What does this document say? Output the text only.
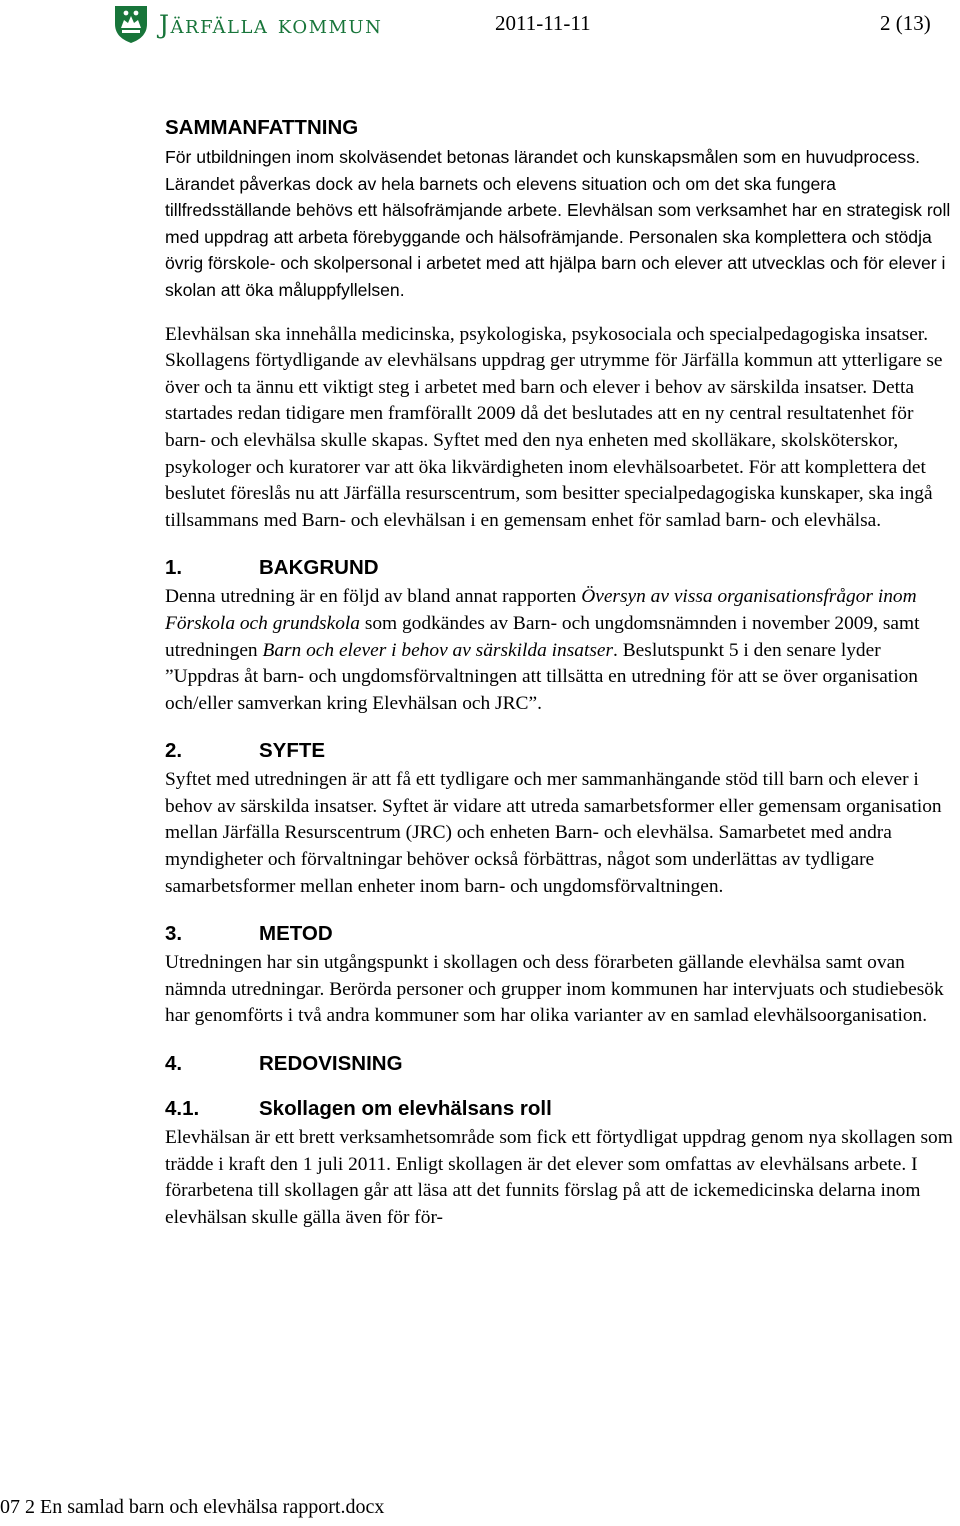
Järfälla kommun	2011-11-11	2 (13)
SAMMANFATTNING

För utbildningen inom skolväsendet betonas lärandet och kunskapsmålen som en huvudprocess. Lärandet påverkas dock av hela barnets och elevens situation och om det ska fungera tillfredsställande behövs ett hälsofrämjande arbete. Elevhälsan som verksamhet har en strategisk roll med uppdrag att arbeta förebyggande och hälsofrämjande. Personalen ska komplettera och stödja övrig förskole- och skolpersonal i arbetet med att hjälpa barn och elever att utvecklas och för elever i skolan att öka måluppfyllelsen.

Elevhälsan ska innehålla medicinska, psykologiska, psykosociala och specialpedagogiska insatser. Skollagens förtydligande av elevhälsans uppdrag ger utrymme för Järfälla kommun att ytterligare se över och ta ännu ett viktigt steg i arbetet med barn och elever i behov av särskilda insatser. Detta startades redan tidigare men framförallt 2009 då det beslutades att en ny central resultatenhet för barn- och elevhälsa skulle skapas. Syftet med den nya enheten med skolläkare, skolsköterskor, psykologer och kuratorer var att öka likvärdigheten inom elevhälsoarbetet. För att komplettera det beslutet föreslås nu att Järfälla resurscentrum, som besitter specialpedagogiska kunskaper, ska ingå tillsammans med Barn- och elevhälsan i en gemensam enhet för samlad barn- och elevhälsa.

1.	BAKGRUND

Denna utredning är en följd av bland annat rapporten Översyn av vissa organisationsfrågor inom Förskola och grundskola som godkändes av Barn- och ungdomsnämnden i november 2009, samt utredningen Barn och elever i behov av särskilda insatser. Beslutspunkt 5 i den senare lyder ”Uppdras åt barn- och ungdomsförvaltningen att tillsätta en utredning för att se över organisation och/eller samverkan kring Elevhälsan och JRC”.

2.	SYFTE

Syftet med utredningen är att få ett tydligare och mer sammanhängande stöd till barn och elever i behov av särskilda insatser. Syftet är vidare att utreda samarbetsformer eller gemensam organisation mellan Järfälla Resurscentrum (JRC) och enheten Barn- och elevhälsa. Samarbetet med andra myndigheter och förvaltningar behöver också förbättras, något som underlättas av tydligare samarbetsformer mellan enheter inom barn- och ungdomsförvaltningen.

3.	METOD

Utredningen har sin utgångspunkt i skollagen och dess förarbeten gällande elevhälsa samt ovan nämnda utredningar. Berörda personer och grupper inom kommunen har intervjuats och studiebesök har genomförts i två andra kommuner som har olika varianter av en samlad elevhälsoorganisation.

4.	REDOVISNING
4.1.	Skollagen om elevhälsans roll

Elevhälsan är ett brett verksamhetsområde som fick ett förtydligat uppdrag genom nya skollagen som trädde i kraft den 1 juli 2011. Enligt skollagen är det elever som omfattas av elevhälsans arbete. I förarbetena till skollagen går att läsa att det funnits förslag på att de ickemedicinska delarna inom elevhälsan skulle gälla även för för-

07 2 En samlad barn och elevhälsa rapport.docx
